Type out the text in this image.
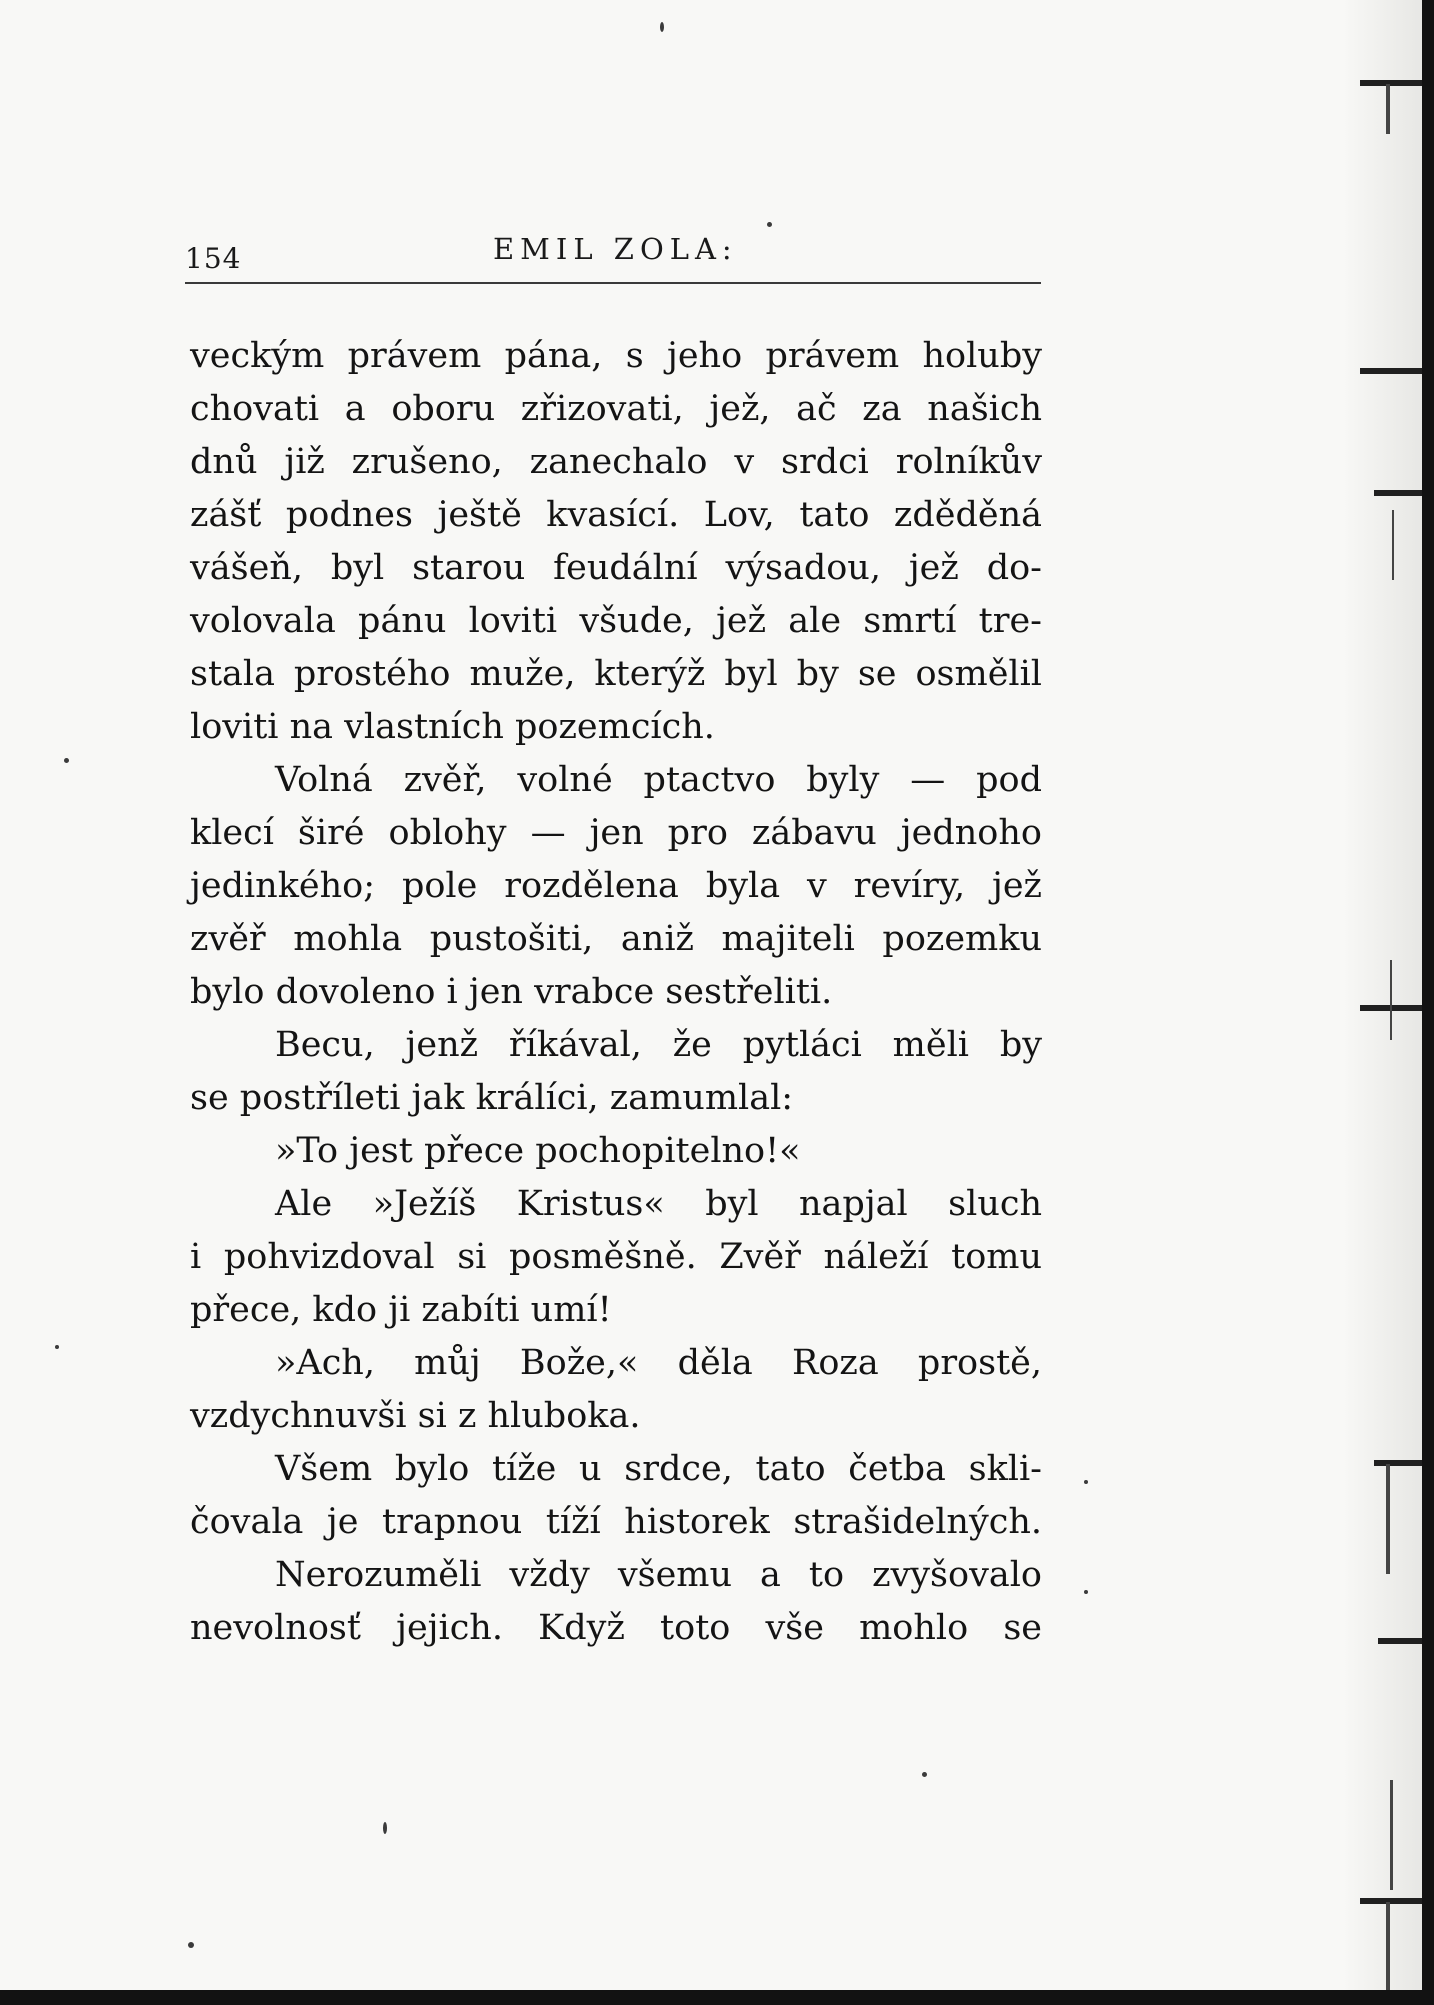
154	EMIL ZOLA:
veckým právem pána, s jeho právem holuby
chovati a oboru zřizovati, jež, ač za našich
dnů již zrušeno, zanechalo v srdci rolníkův
zášť podnes ještě kvasící. Lov, tato zděděná
vášeň, byl starou feudální výsadou, jež do-
volovala pánu loviti všude, jež ale smrtí tre-
stala prostého muže, kterýž byl by se osmělil
loviti na vlastních pozemcích.
Volná zvěř, volné ptactvo byly — pod
klecí širé oblohy — jen pro zábavu jednoho
jedinkého; pole rozdělena byla v revíry, jež
zvěř mohla pustošiti, aniž majiteli pozemku
bylo dovoleno i jen vrabce sestřeliti.
Becu, jenž říkával, že pytláci měli by
se postříleti jak králíci, zamumlal:
»To jest přece pochopitelno!«
Ale »Ježíš Kristus« byl napjal sluch
i pohvizdoval si posměšně. Zvěř náleží tomu
přece, kdo ji zabíti umí!
»Ach, můj Bože,« děla Roza prostě,
vzdychnuvši si z hluboka.
Všem bylo tíže u srdce, tato četba skli-
čovala je trapnou tíží historek strašidelných.
Nerozuměli vždy všemu a to zvyšovalo
nevolnosť jejich. Když toto vše mohlo se
